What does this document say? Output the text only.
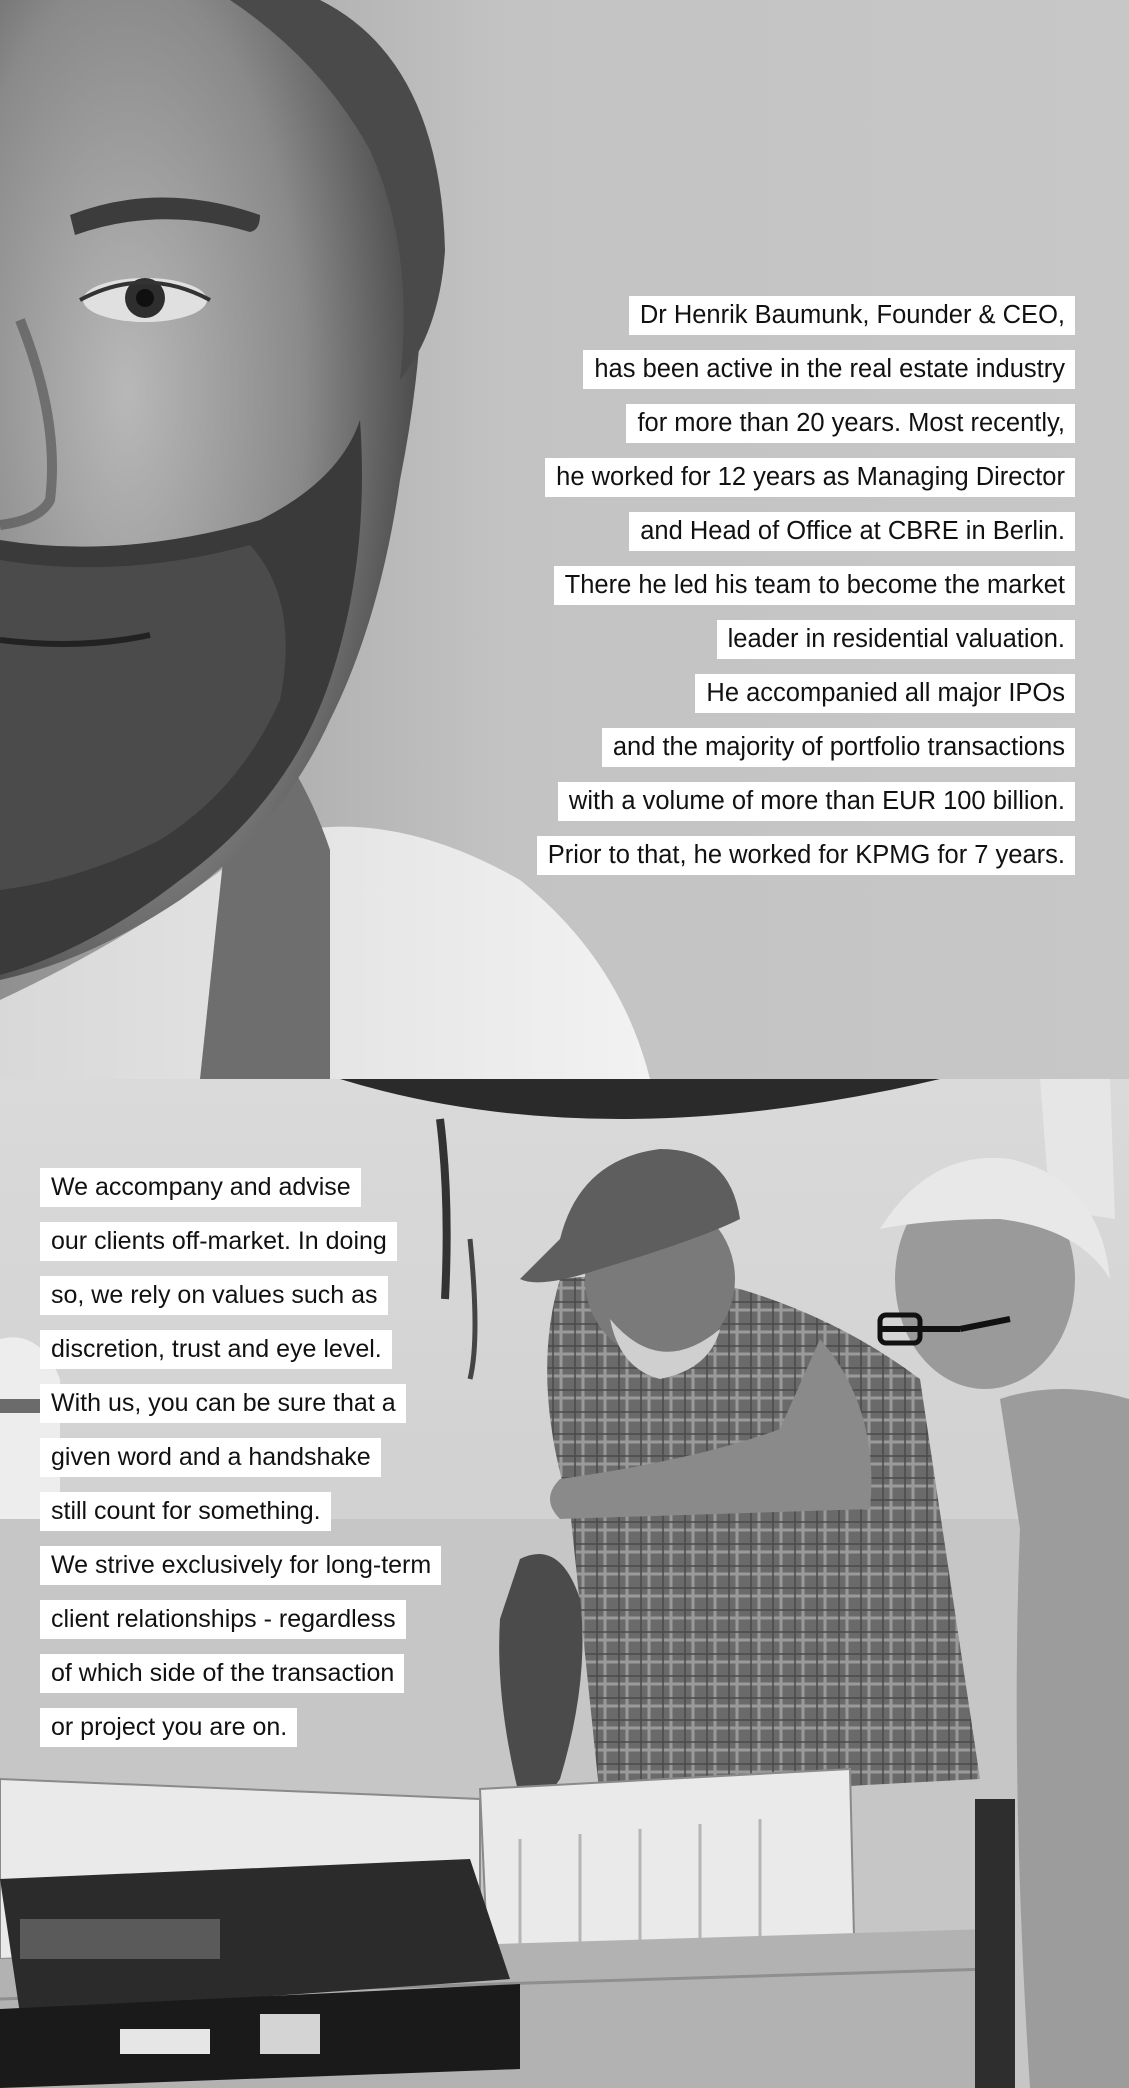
Dr Henrik Baumunk, Founder & CEO,
has been active in the real estate industry
for more than 20 years. Most recently,
he worked for 12 years as Managing Director
and Head of Office at CBRE in Berlin.
There he led his team to become the market
leader in residential valuation.
He accompanied all major IPOs
and the majority of portfolio transactions
with a volume of more than EUR 100 billion.
Prior to that, he worked for KPMG for 7 years.
We accompany and advise
our clients off-market. In doing
so, we rely on values such as
discretion, trust and eye level.
With us, you can be sure that a
given word and a handshake
still count for something.
We strive exclusively for long-term
client relationships - regardless
of which side of the transaction
or project you are on.
